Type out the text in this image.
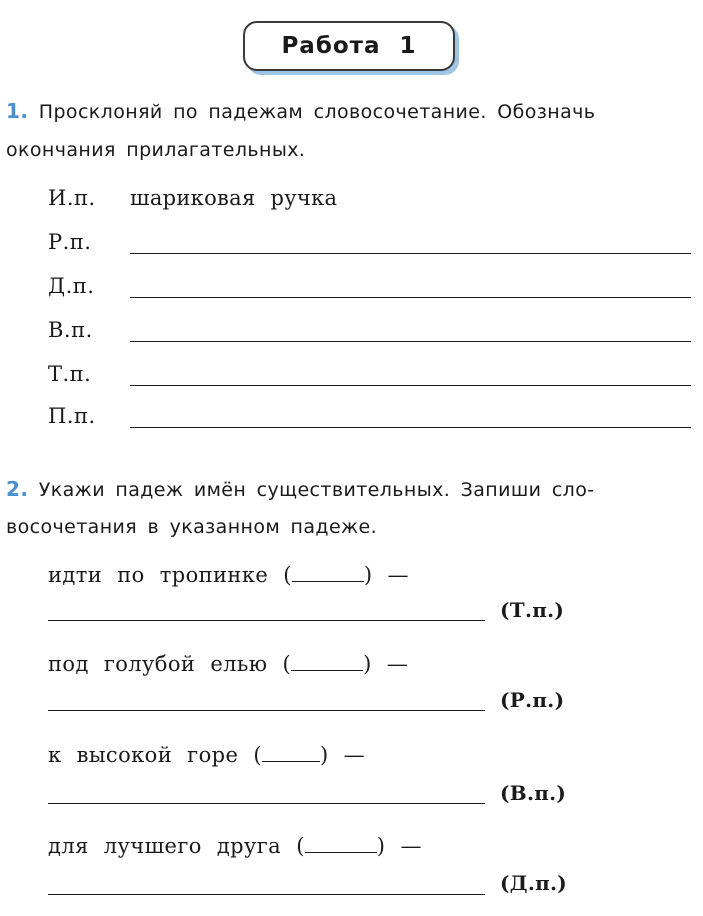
Работа 1
1. Просклоняй по падежам словосочетание. Обозначь
окончания прилагательных.
И.п. шариковая ручка
Р.п.
Д.п.
В.п.
Т.п.
П.п.
2. Укажи падеж имён существительных. Запиши сло-
восочетания в указанном падеже.
идти по тропинке (	) —
(Т.п.)
под голубой елью (	) —
(Р.п.)
к высокой горе (	) —
(В.п.)
для лучшего друга (	) —
(Д.п.)
